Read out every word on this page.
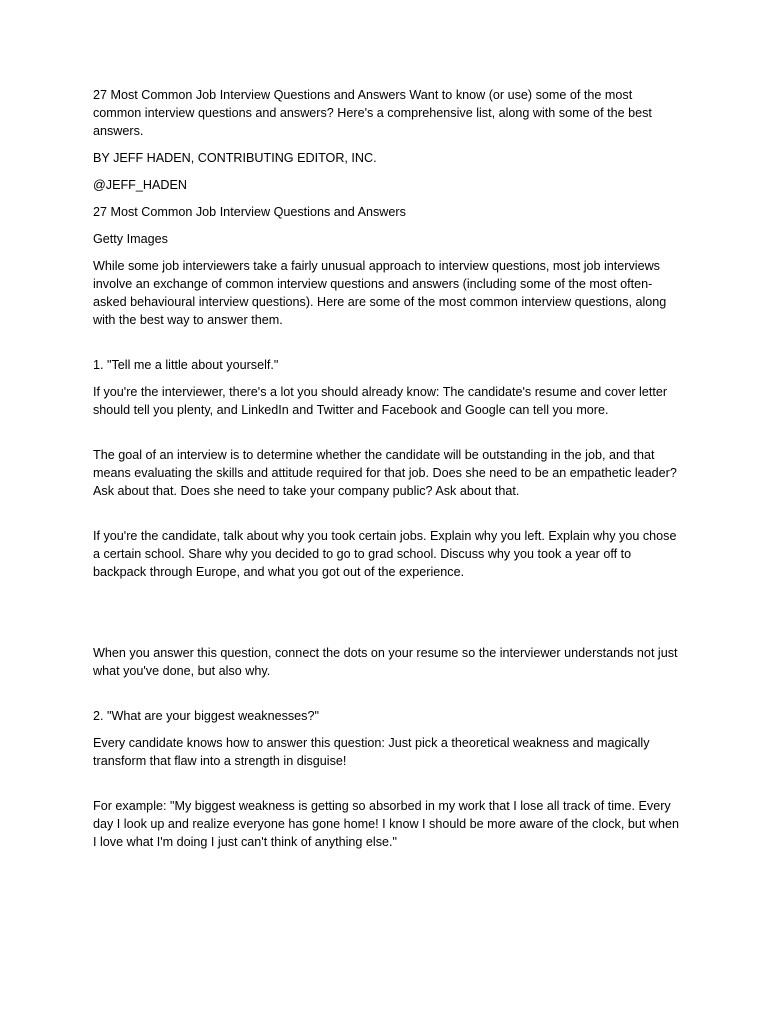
27 Most Common Job Interview Questions and Answers Want to know (or use) some of the most common interview questions and answers? Here's a comprehensive list, along with some of the best answers.

BY JEFF HADEN, CONTRIBUTING EDITOR, INC.

@JEFF_HADEN

27 Most Common Job Interview Questions and Answers

Getty Images

While some job interviewers take a fairly unusual approach to interview questions, most job interviews involve an exchange of common interview questions and answers (including some of the most often-asked behavioural interview questions). Here are some of the most common interview questions, along with the best way to answer them.

1. "Tell me a little about yourself."

If you're the interviewer, there's a lot you should already know: The candidate's resume and cover letter should tell you plenty, and LinkedIn and Twitter and Facebook and Google can tell you more.

The goal of an interview is to determine whether the candidate will be outstanding in the job, and that means evaluating the skills and attitude required for that job. Does she need to be an empathetic leader? Ask about that. Does she need to take your company public? Ask about that.

If you're the candidate, talk about why you took certain jobs. Explain why you left. Explain why you chose a certain school. Share why you decided to go to grad school. Discuss why you took a year off to backpack through Europe, and what you got out of the experience.

When you answer this question, connect the dots on your resume so the interviewer understands not just what you've done, but also why.

2. "What are your biggest weaknesses?"

Every candidate knows how to answer this question: Just pick a theoretical weakness and magically transform that flaw into a strength in disguise!

For example: "My biggest weakness is getting so absorbed in my work that I lose all track of time. Every day I look up and realize everyone has gone home! I know I should be more aware of the clock, but when I love what I'm doing I just can't think of anything else."
